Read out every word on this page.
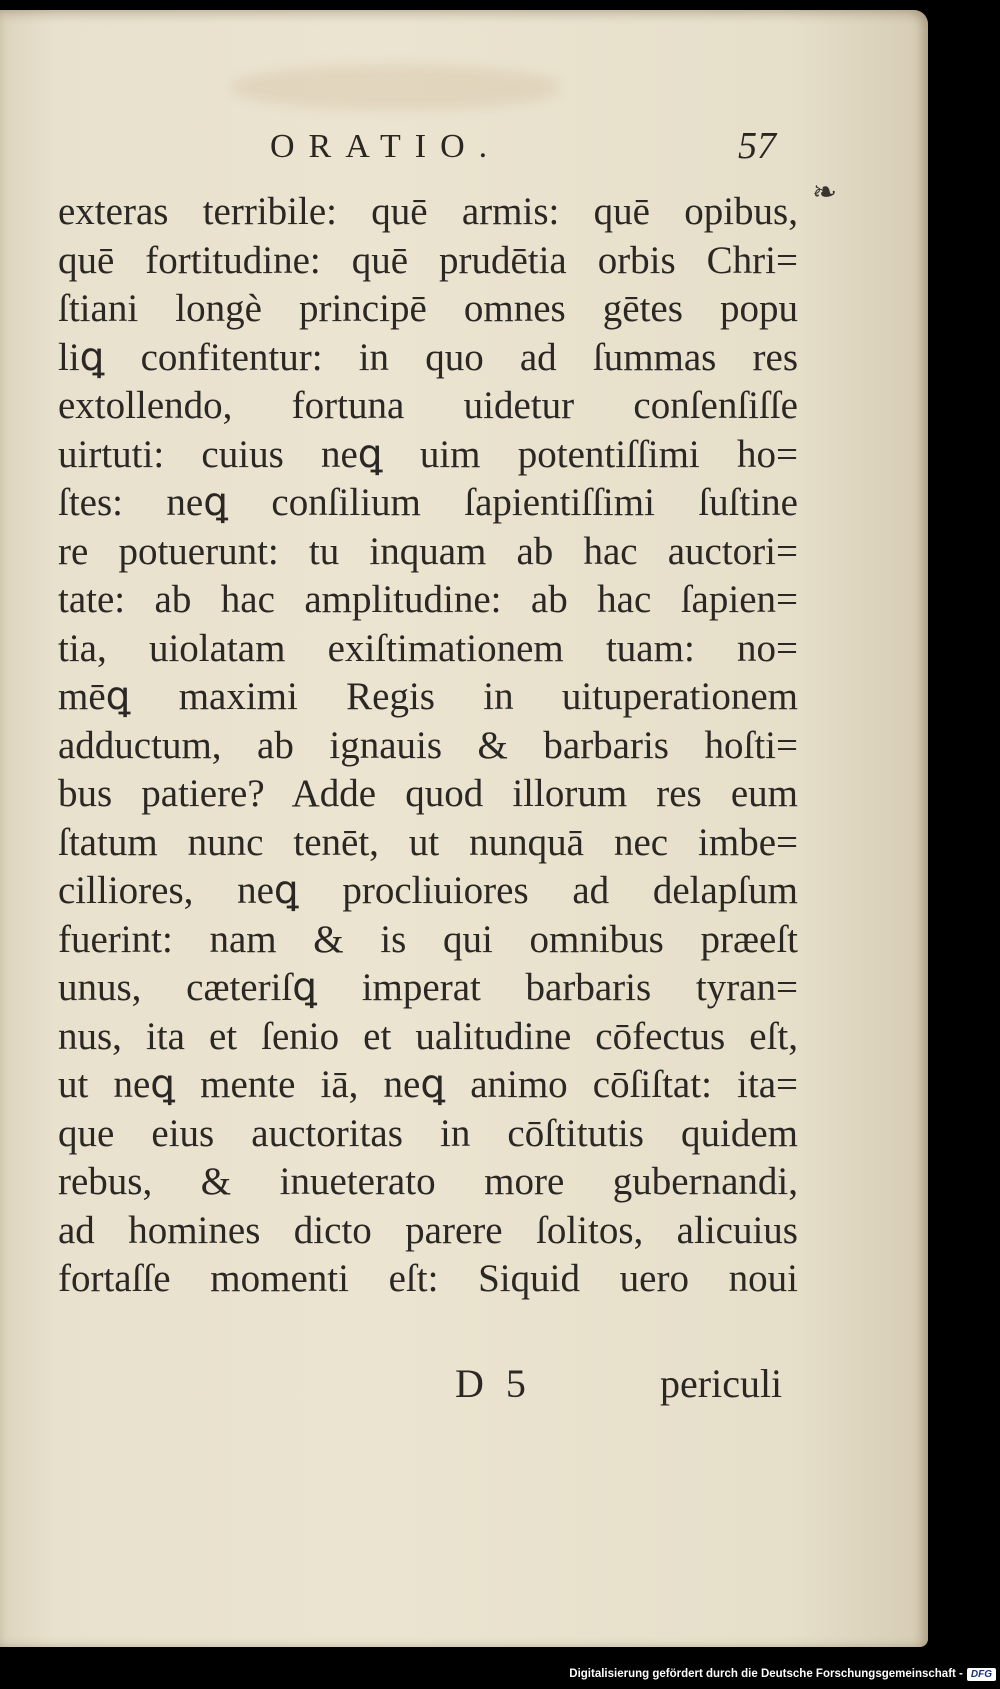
ORATIO.	57
❧
exteras terribile: quē armis: quē opibus,
quē fortitudine: quē prudētia orbis Chri=
ſtiani longè principē omnes gētes popu
liꝗ confitentur: in quo ad ſummas res
extollendo, fortuna uidetur conſenſiſſe
uirtuti: cuius neꝗ uim potentiſſimi ho=
ſtes: neꝗ conſilium ſapientiſſimi ſuſtine
re potuerunt: tu inquam ab hac auctori=
tate: ab hac amplitudine: ab hac ſapien=
tia, uiolatam exiſtimationem tuam: no=
mēꝗ maximi Regis in uituperationem
adductum, ab ignauis & barbaris hoſti=
bus patiere? Adde quod illorum res eum
ſtatum nunc tenēt, ut nunquā nec imbe=
cilliores, neꝗ procliuiores ad delapſum
fuerint: nam & is qui omnibus præeſt
unus, cæteriſꝗ imperat barbaris tyran=
nus, ita et ſenio et ualitudine cōfectus eſt,
ut neꝗ mente iā, neꝗ animo cōſiſtat: ita=
que eius auctoritas in cōſtitutis quidem
rebus, & inueterato more gubernandi,
ad homines dicto parere ſolitos, alicuius
fortaſſe momenti eſt: Siquid uero noui
D 5	periculi
Digitalisierung gefördert durch die Deutsche Forschungsgemeinschaft - DFG
